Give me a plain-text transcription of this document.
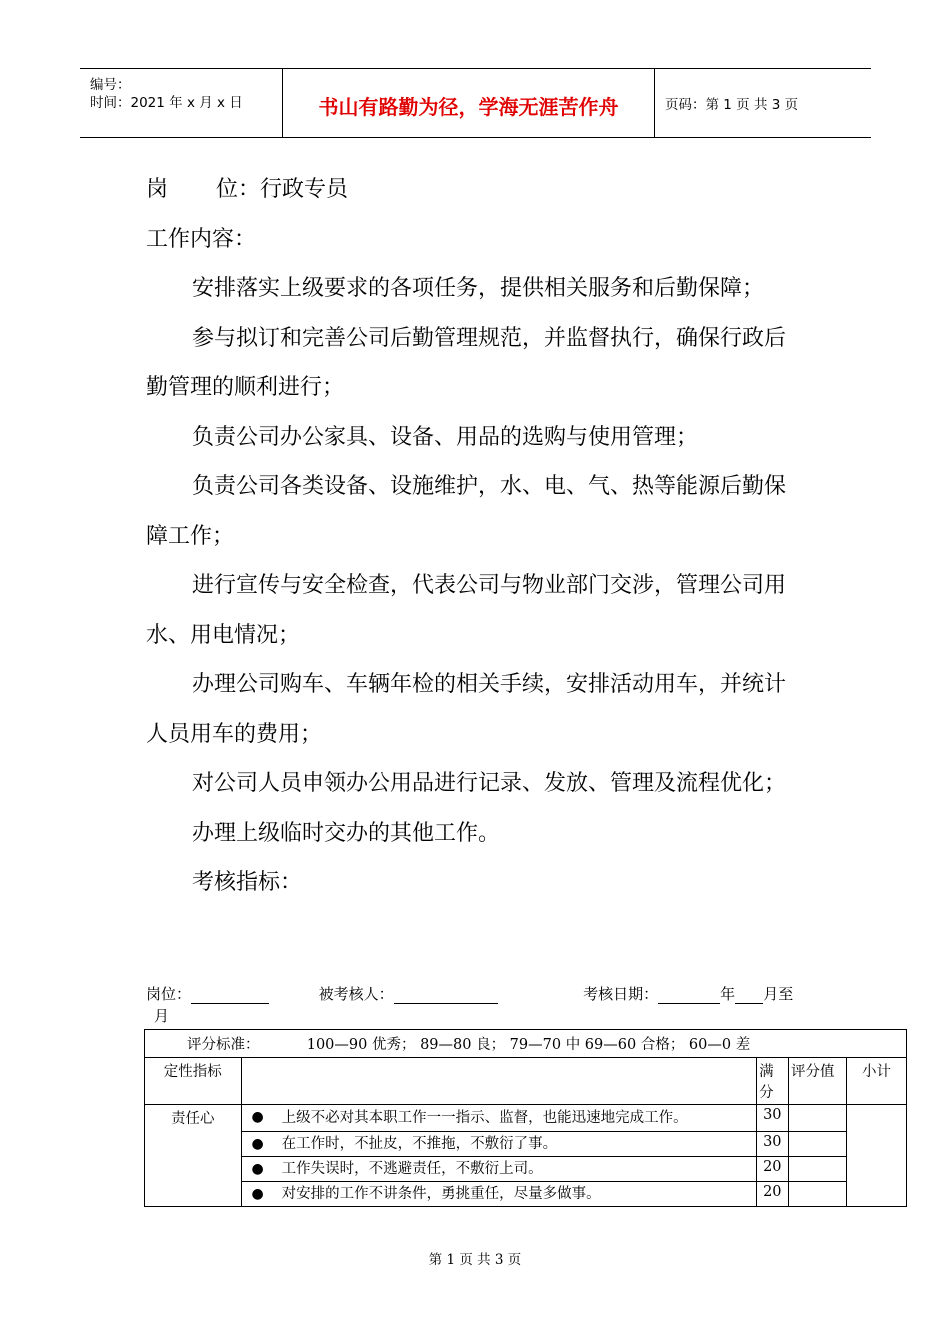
编号：
时间：2021 年 x 月 x 日	书山有路勤为径，学海无涯苦作舟	页码：第 1 页 共 3 页

岗 位：行政专员

工作内容：

安排落实上级要求的各项任务，提供相关服务和后勤保障；

参与拟订和完善公司后勤管理规范，并监督执行，确保行政后勤管理的顺利进行；

负责公司办公家具、设备、用品的选购与使用管理；

负责公司各类设备、设施维护，水、电、气、热等能源后勤保障工作；

进行宣传与安全检查，代表公司与物业部门交涉，管理公司用水、用电情况；

办理公司购车、车辆年检的相关手续，安排活动用车，并统计人员用车的费用；

对公司人员申领办公用品进行记录、发放、管理及流程优化；

办理上级临时交办的其他工作。

考核指标：

岗位：	被考核人：	考核日期：	年 月至
月
评分标准： 100—90 优秀； 89—80 良； 79—70 中 69—60 合格； 60—0 差				
定性指标		满分	评分值	小计
责任心	● 上级不必对其本职工作一一指示、监督，也能迅速地完成工作。	30		

	● 在工作时，不扯皮，不推拖，不敷衍了事。	30		

	● 工作失误时，不逃避责任，不敷衍上司。	20		

	● 对安排的工作不讲条件，勇挑重任，尽量多做事。	20		
第 1 页 共 3 页
